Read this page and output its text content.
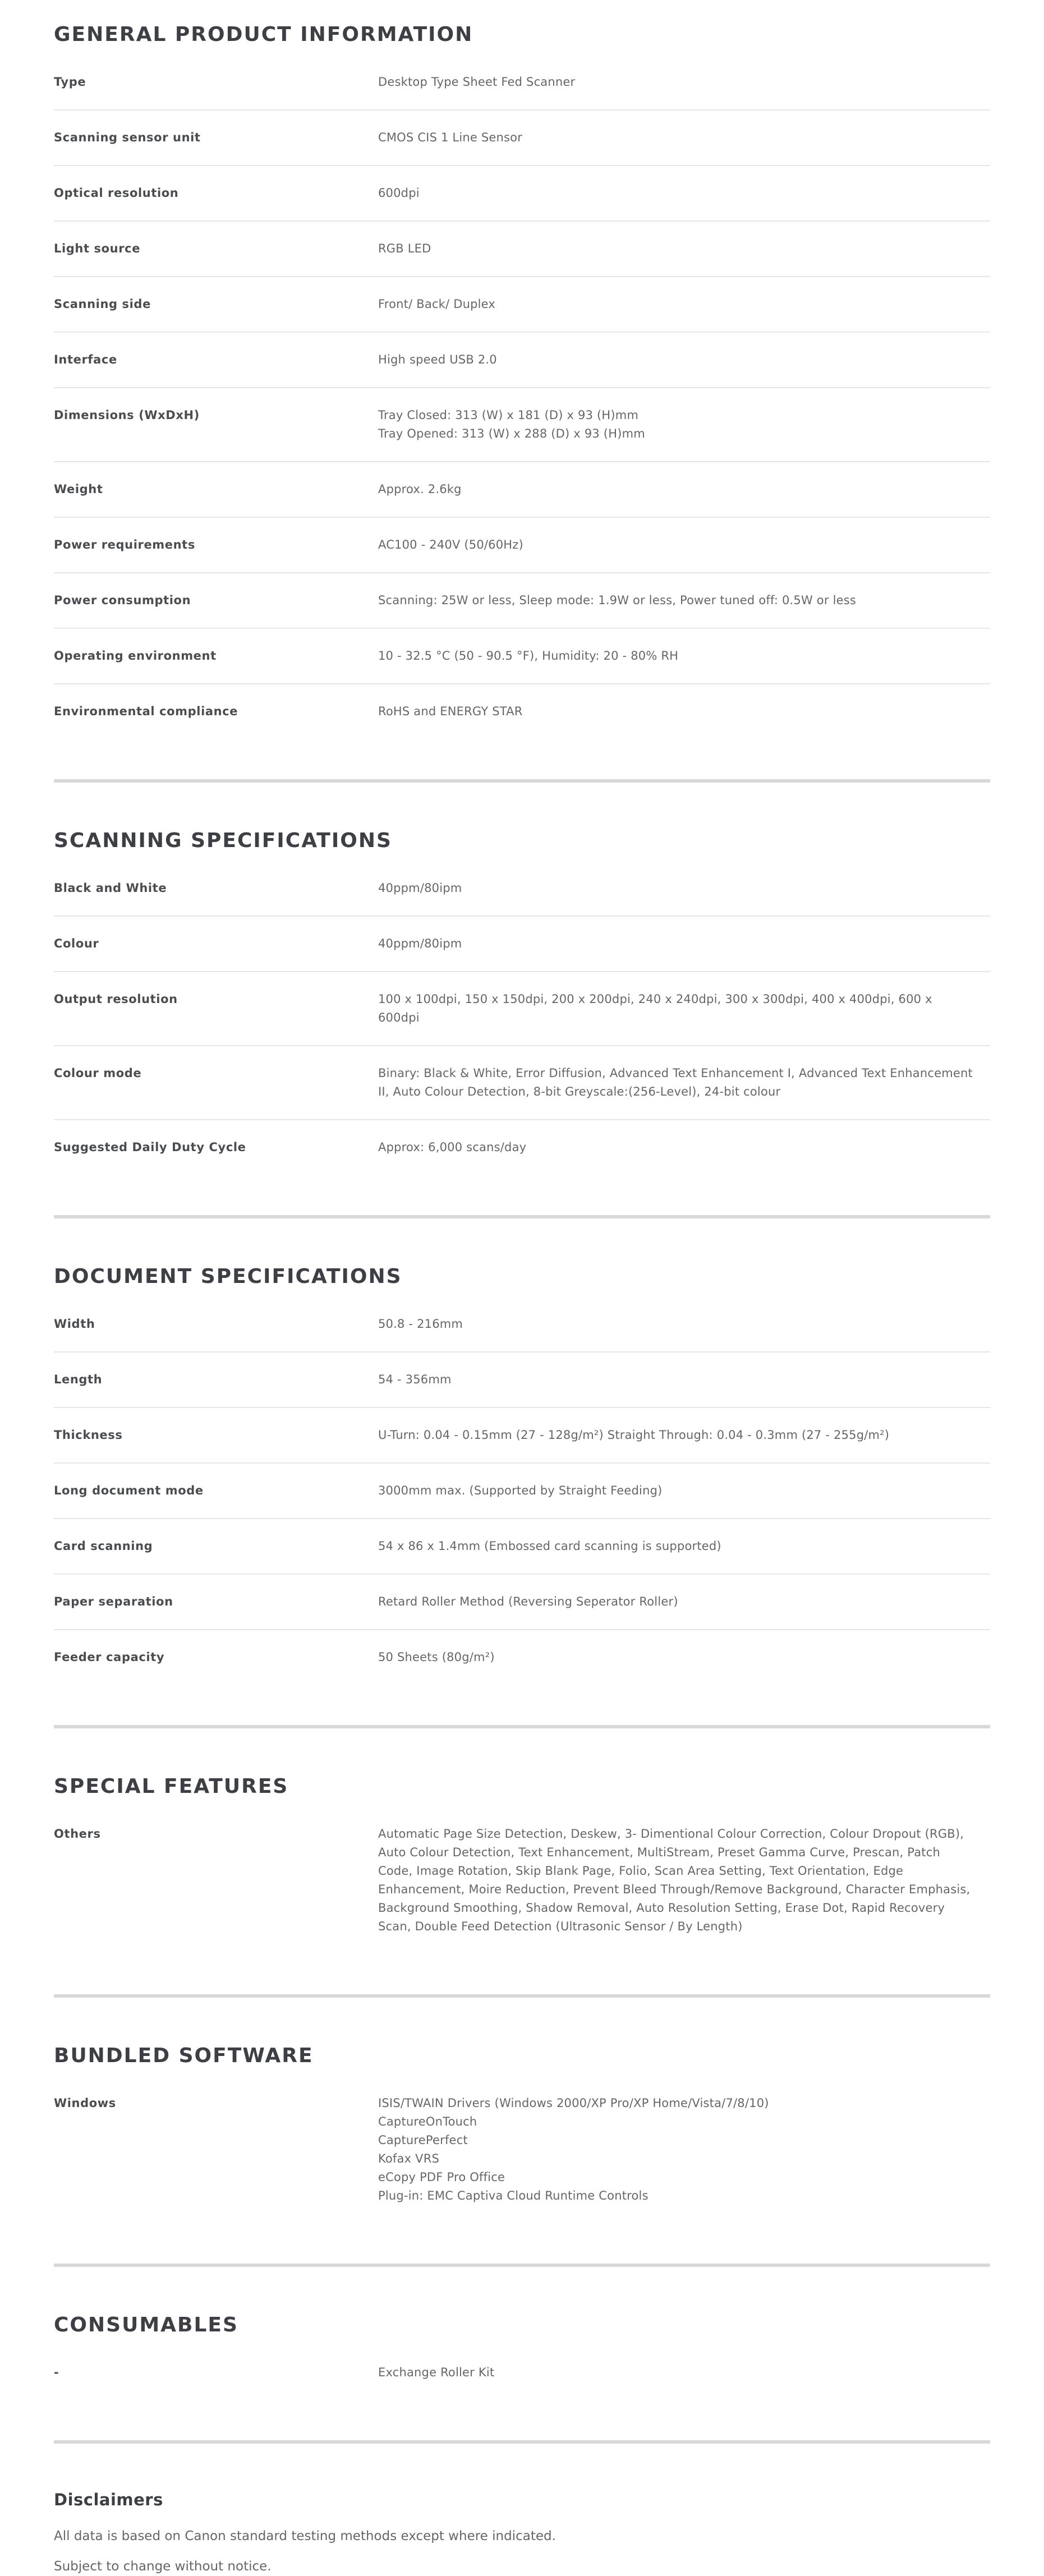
GENERAL PRODUCT INFORMATION
Type	Desktop Type Sheet Fed Scanner
Scanning sensor unit	CMOS CIS 1 Line Sensor
Optical resolution	600dpi
Light source	RGB LED
Scanning side	Front/ Back/ Duplex
Interface	High speed USB 2.0
Dimensions (WxDxH)	Tray Closed: 313 (W) x 181 (D) x 93 (H)mm
Tray Opened: 313 (W) x 288 (D) x 93 (H)mm
Weight	Approx. 2.6kg
Power requirements	AC100 - 240V (50/60Hz)
Power consumption	Scanning: 25W or less, Sleep mode: 1.9W or less, Power tuned off: 0.5W or less
Operating environment	10 - 32.5 °C (50 - 90.5 °F), Humidity: 20 - 80% RH
Environmental compliance	RoHS and ENERGY STAR
SCANNING SPECIFICATIONS
Black and White	40ppm/80ipm
Colour	40ppm/80ipm
Output resolution	100 x 100dpi, 150 x 150dpi, 200 x 200dpi, 240 x 240dpi, 300 x 300dpi, 400 x 400dpi, 600 x
600dpi
Colour mode	Binary: Black & White, Error Diffusion, Advanced Text Enhancement I, Advanced Text Enhancement
II, Auto Colour Detection, 8-bit Greyscale:(256-Level), 24-bit colour
Suggested Daily Duty Cycle	Approx: 6,000 scans/day
DOCUMENT SPECIFICATIONS
Width	50.8 - 216mm
Length	54 - 356mm
Thickness	U-Turn: 0.04 - 0.15mm (27 - 128g/m²) Straight Through: 0.04 - 0.3mm (27 - 255g/m²)
Long document mode	3000mm max. (Supported by Straight Feeding)
Card scanning	54 x 86 x 1.4mm (Embossed card scanning is supported)
Paper separation	Retard Roller Method (Reversing Seperator Roller)
Feeder capacity	50 Sheets (80g/m²)
SPECIAL FEATURES
Others	Automatic Page Size Detection, Deskew, 3- Dimentional Colour Correction, Colour Dropout (RGB),
Auto Colour Detection, Text Enhancement, MultiStream, Preset Gamma Curve, Prescan, Patch
Code, Image Rotation, Skip Blank Page, Folio, Scan Area Setting, Text Orientation, Edge
Enhancement, Moire Reduction, Prevent Bleed Through/Remove Background, Character Emphasis,
Background Smoothing, Shadow Removal, Auto Resolution Setting, Erase Dot, Rapid Recovery
Scan, Double Feed Detection (Ultrasonic Sensor / By Length)
BUNDLED SOFTWARE
Windows	ISIS/TWAIN Drivers (Windows 2000/XP Pro/XP Home/Vista/7/8/10)
CaptureOnTouch
CapturePerfect
Kofax VRS
eCopy PDF Pro Office
Plug-in: EMC Captiva Cloud Runtime Controls
CONSUMABLES
-	Exchange Roller Kit
Disclaimers

All data is based on Canon standard testing methods except where indicated.

Subject to change without notice.
